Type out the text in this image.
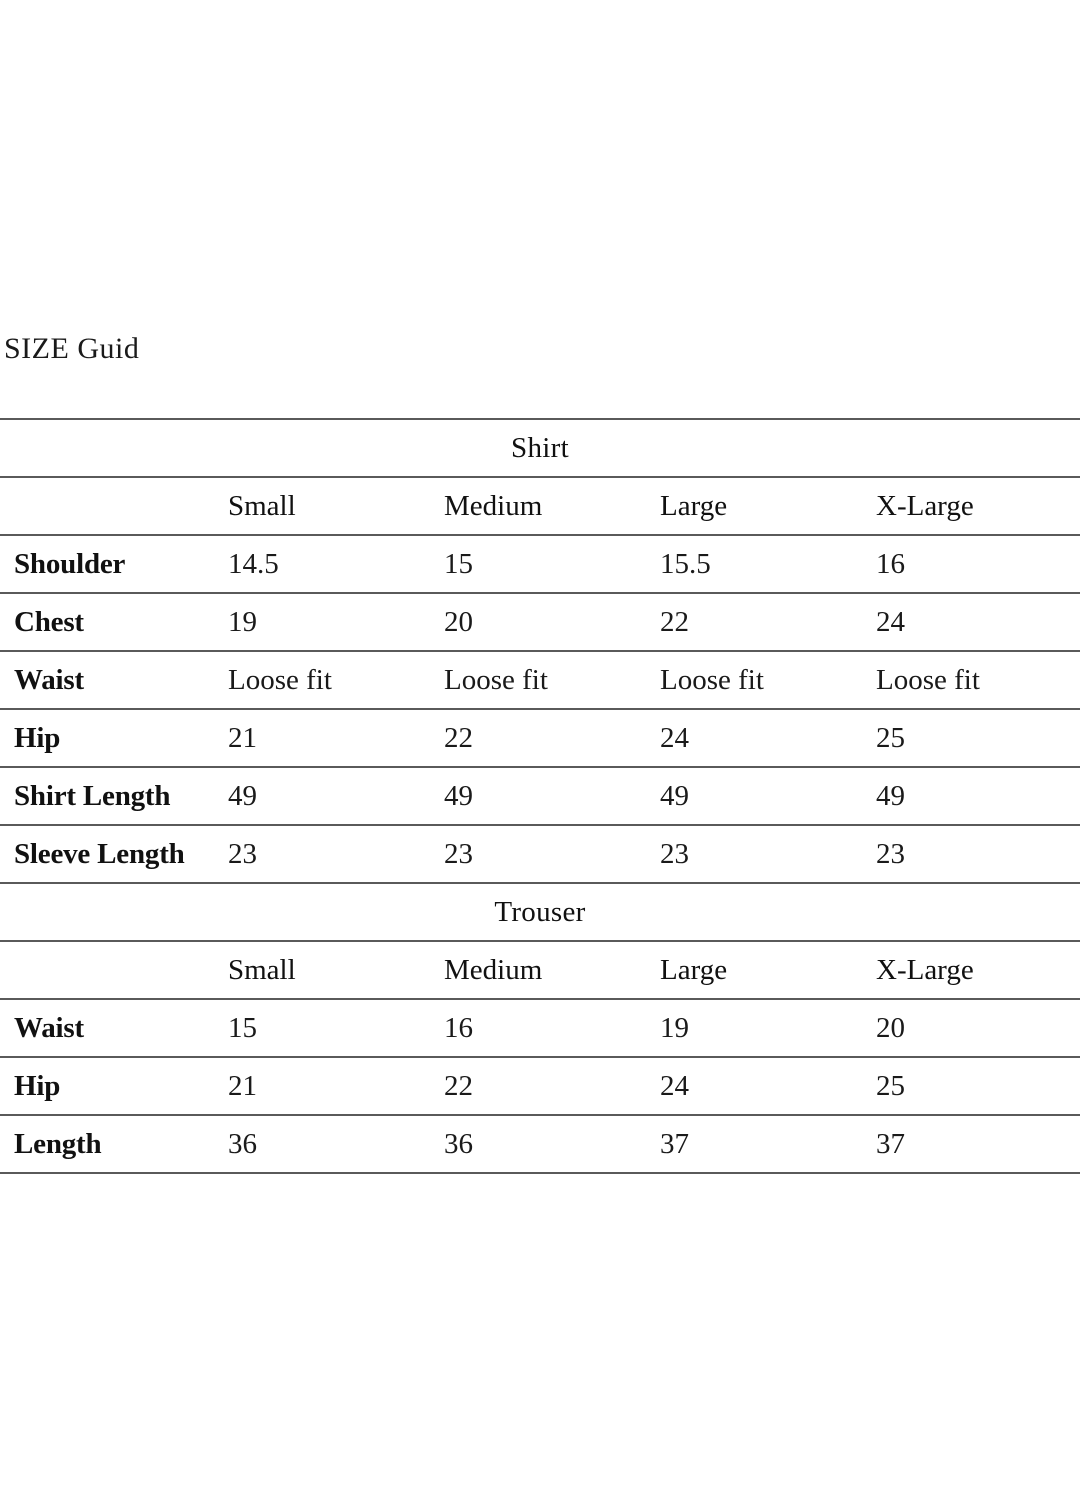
SIZE Guid
Shirt				
	Small	Medium	Large	X-Large
Shoulder	14.5	15	15.5	16
Chest	19	20	22	24
Waist	Loose fit	Loose fit	Loose fit	Loose fit
Hip	21	22	24	25
Shirt Length	49	49	49	49
Sleeve Length	23	23	23	23
Trouser				
	Small	Medium	Large	X-Large
Waist	15	16	19	20
Hip	21	22	24	25
Length	36	36	37	37
